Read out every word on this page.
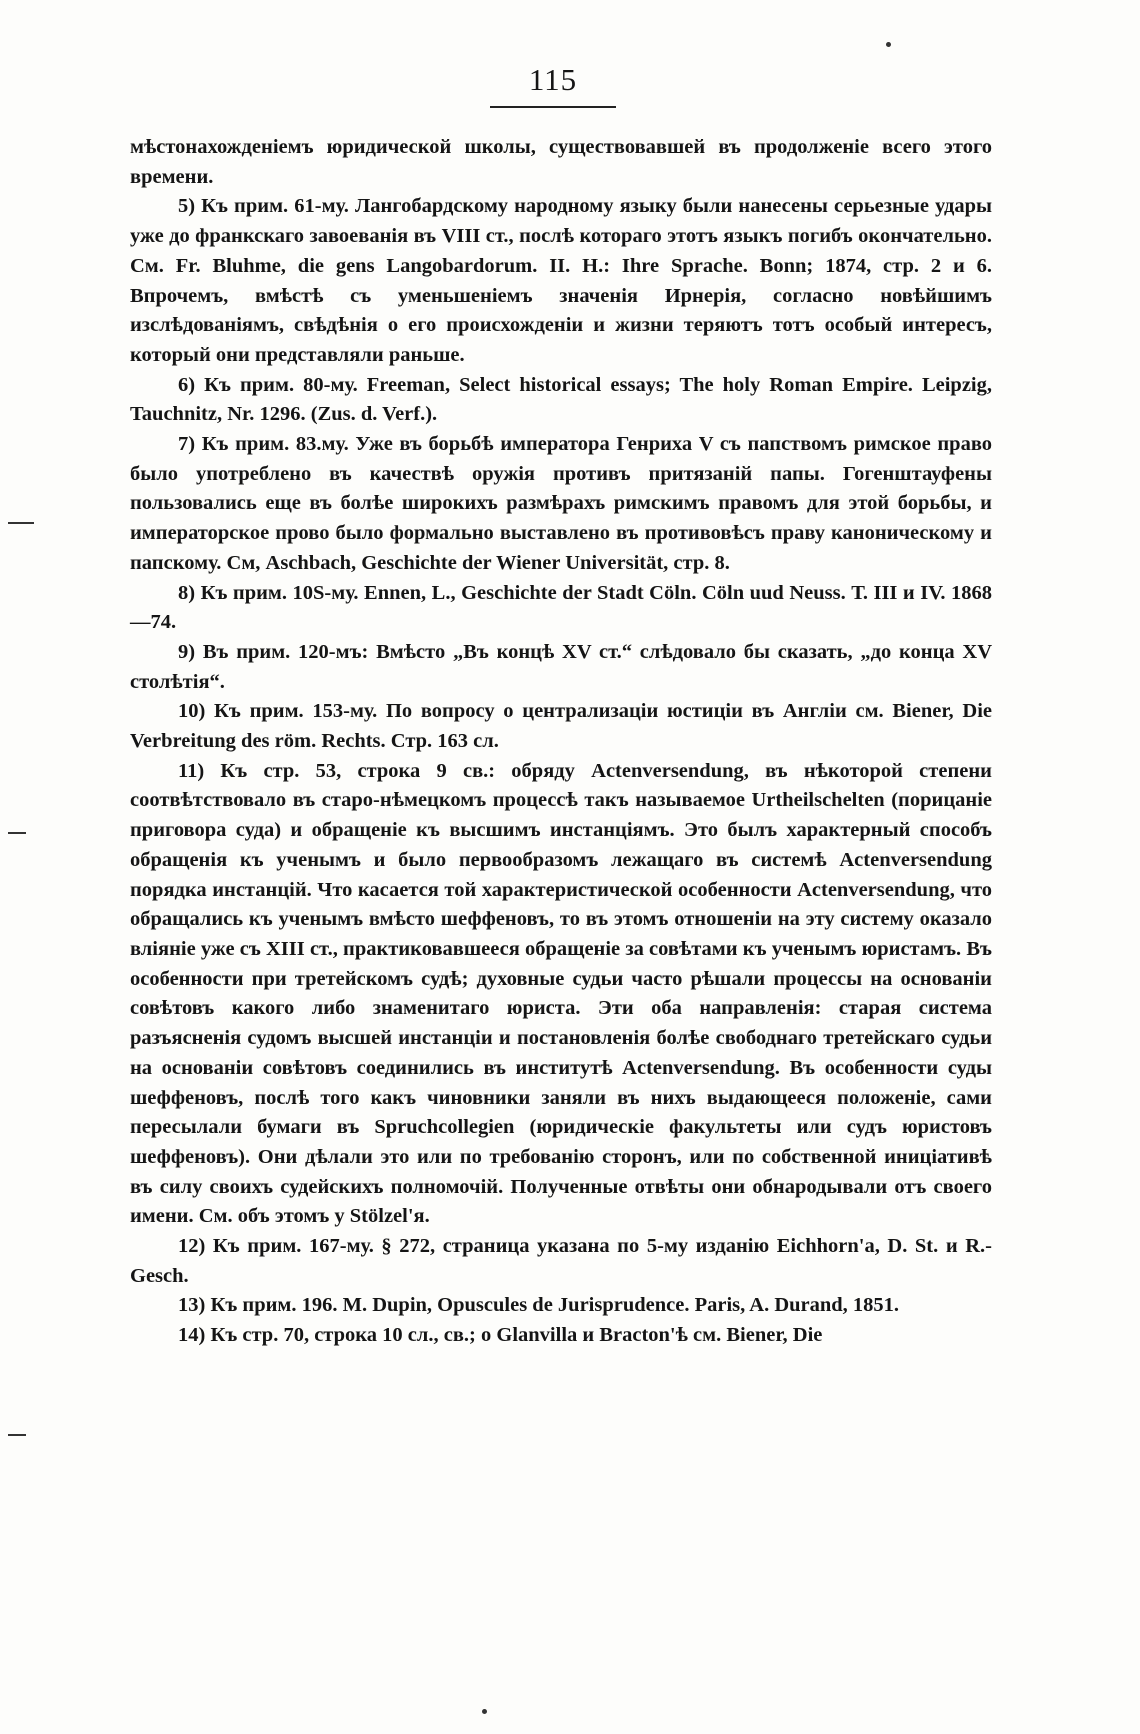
115

мѣстонахожденіемъ юридической школы, существовавшей въ продолженіе всего этого времени.

5) Къ прим. 61-му. Лангобардскому народному языку были нанесены серьезные удары уже до франкскаго завоеванія въ VIII ст., послѣ котораго этотъ языкъ погибъ окончательно. См. Fr. Bluhme, die gens Langobardorum. II. H.: Ihre Sprache. Bonn; 1874, стр. 2 и 6. Впрочемъ, вмѣстѣ съ уменьшеніемъ значенія Ирнерія, согласно новѣйшимъ изслѣдованіямъ, свѣдѣнія о его происхожденіи и жизни теряютъ тотъ особый интересъ, который они представляли раньше.

6) Къ прим. 80-му. Freeman, Select historical essays; The holy Roman Empire. Leipzig, Tauchnitz, Nr. 1296. (Zus. d. Verf.).

7) Къ прим. 83.му. Уже въ борьбѣ императора Генриха V съ папствомъ римское право было употреблено въ качествѣ оружія противъ притязаній папы. Гогенштауфены пользовались еще въ болѣе широкихъ размѣрахъ римскимъ правомъ для этой борьбы, и императорское прово было формально выставлено въ противовѣсъ праву каноническому и папскому. См, Aschbach, Geschichte der Wiener Universität, стр. 8.

8) Къ прим. 10S-му. Ennen, L., Geschichte der Stadt Cöln. Cöln uud Neuss. Т. III и IV. 1868—74.

9) Въ прим. 120-мъ: Вмѣсто „Въ концѣ XV ст.“ слѣдовало бы сказать, „до конца XV столѣтія“.

10) Къ прим. 153-му. По вопросу о централизаціи юстиціи въ Англіи см. Biener, Die Verbreitung des röm. Rechts. Стр. 163 сл.

11) Къ стр. 53, строка 9 св.: обряду Actenversendung, въ нѣкоторой степени соотвѣтствовало въ старо-нѣмецкомъ процессѣ такъ называемое Urtheilschelten (порицаніе приговора суда) и обращеніе къ высшимъ инстанціямъ. Это былъ характерный способъ обращенія къ ученымъ и было первообразомъ лежащаго въ системѣ Actenversendung порядка инстанцій. Что касается той характеристической особенности Actenversendung, что обращались къ ученымъ вмѣсто шеффеновъ, то въ этомъ отношеніи на эту систему оказало вліяніе уже съ XIII ст., практиковавшееся обращеніе за совѣтами къ ученымъ юристамъ. Въ особенности при третейскомъ судѣ; духовные судьи часто рѣшали процессы на основаніи совѣтовъ какого либо знаменитаго юриста. Эти оба направленія: старая система разъясненія судомъ высшей инстанціи и постановленія болѣе свободнаго третейскаго судьи на основаніи совѣтовъ соединились въ институтѣ Actenversendung. Въ особенности суды шеффеновъ, послѣ того какъ чиновники заняли въ нихъ выдающееся положеніе, сами пересылали бумаги въ Spruchcollegien (юридическіе факультеты или судъ юристовъ шеффеновъ). Они дѣлали это или по требованію сторонъ, или по собственной иниціативѣ въ силу своихъ судейскихъ полномочій. Полученные отвѣты они обнародывали отъ своего имени. См. объ этомъ у Stölzel'я.

12) Къ прим. 167-му. § 272, страница указана по 5-му изданію Eichhorn'а, D. St. и R.-Gesch.

13) Къ прим. 196. M. Dupin, Opuscules de Jurisprudence. Paris, A. Durand, 1851.

14) Къ стр. 70, строка 10 сл., св.; о Glanvilla и Bracton'ѣ см. Biener, Die
